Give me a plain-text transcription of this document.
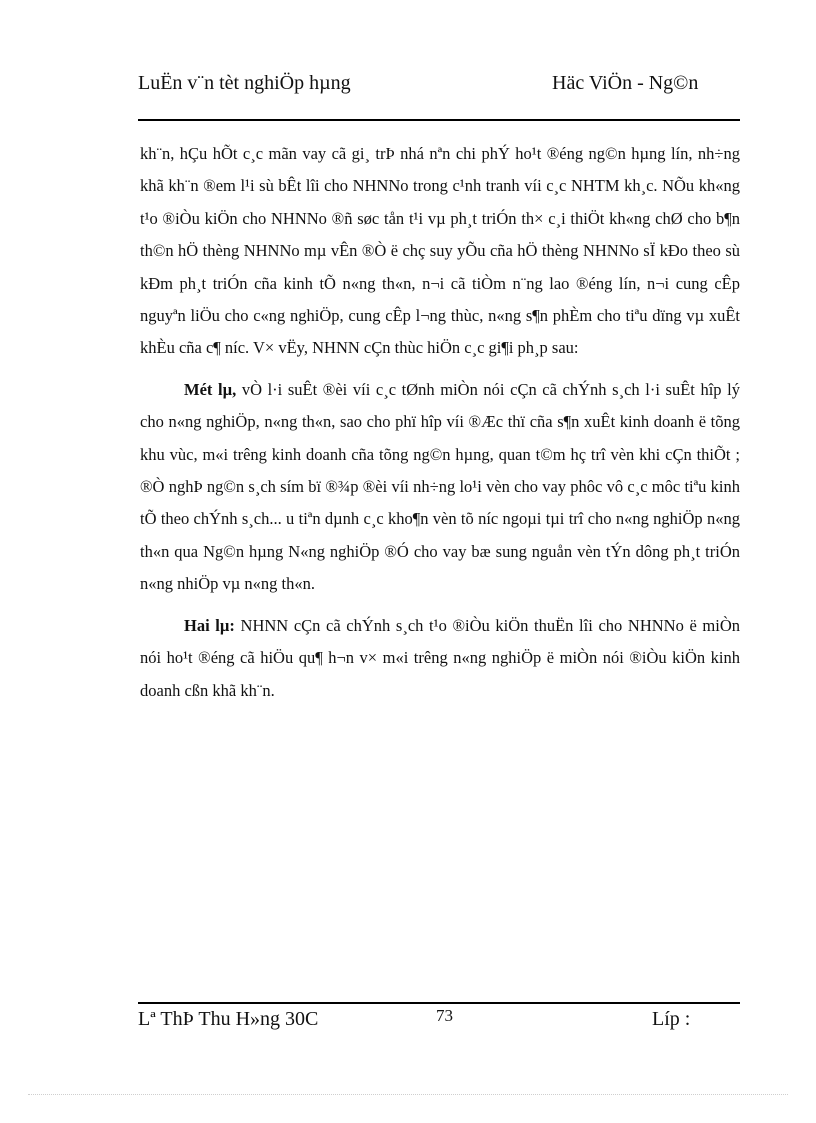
LuËn v¨n tèt nghiÖp hµng	Häc ViÖn - Ng©n

kh¨n, hÇu hÕt c¸c mãn vay cã gi¸ trÞ nhá nªn chi phÝ ho¹t ®éng ng©n hµng lín, nh÷ng khã kh¨n ®em l¹i sù bÊt lîi cho NHNNo trong c¹nh tranh víi c¸c NHTM kh¸c. NÕu kh«ng t¹o ®iÒu kiÖn cho NHNNo ®ñ søc tån t¹i vµ ph¸t triÓn th× c¸i thiÖt kh«ng chØ cho b¶n th©n hÖ thèng NHNNo mµ vÊn ®Ò ë chç suy yÕu cña hÖ thèng NHNNo sÏ kÐo theo sù kÐm ph¸t triÓn cña kinh tÕ n«ng th«n, n¬i cã tiÒm n¨ng lao ®éng lín, n¬i cung cÊp nguyªn liÖu cho c«ng nghiÖp, cung cÊp l¬ng thùc, n«ng s¶n phÈm cho tiªu dïng vµ xuÊt khÈu cña c¶ níc. V× vËy, NHNN cÇn thùc hiÖn c¸c gi¶i ph¸p sau:

Mét lµ, vÒ l·i suÊt ®èi víi c¸c tØnh miÒn nói cÇn cã chÝnh s¸ch l·i suÊt hîp lý cho n«ng nghiÖp, n«ng th«n, sao cho phï hîp víi ®Æc thï cña s¶n xuÊt kinh doanh ë tõng khu vùc, m«i trêng kinh doanh cña tõng ng©n hµng, quan t©m hç trî vèn khi cÇn thiÕt ; ®Ò nghÞ ng©n s¸ch sím bï ®¾p ®èi víi nh÷ng lo¹i vèn cho vay phôc vô c¸c môc tiªu kinh tÕ theo chÝnh s¸ch... u tiªn dµnh c¸c kho¶n vèn tõ níc ngoµi tµi trî cho n«ng nghiÖp n«ng th«n qua Ng©n hµng N«ng nghiÖp ®Ó cho vay bæ sung nguån vèn tÝn dông ph¸t triÓn n«ng nhiÖp vµ n«ng th«n.

Hai lµ: NHNN cÇn cã chÝnh s¸ch t¹o ®iÒu kiÖn thuËn lîi cho NHNNo ë miÒn nói ho¹t ®éng cã hiÖu qu¶ h¬n v× m«i trêng n«ng nghiÖp ë miÒn nói ®iÒu kiÖn kinh doanh cßn khã kh¨n.

Lª ThÞ Thu H»ng 30C	73	Líp :
